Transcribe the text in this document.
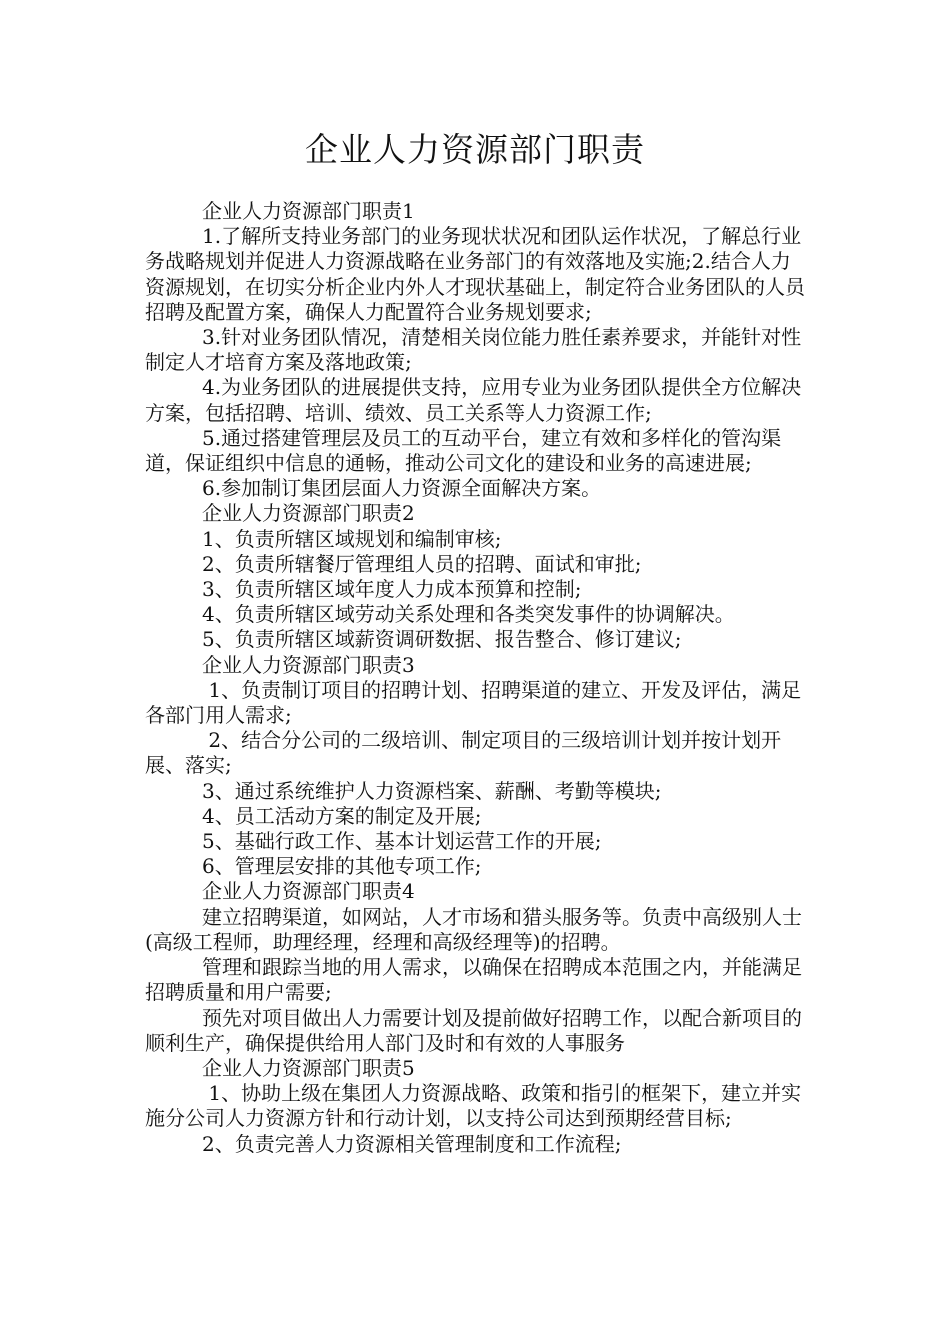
企业人力资源部门职责

企业人力资源部门职责1

1.了解所支持业务部门的业务现状状况和团队运作状况，了解总行业务战略规划并促进人力资源战略在业务部门的有效落地及实施;2.结合人力资源规划，在切实分析企业内外人才现状基础上，制定符合业务团队的人员招聘及配置方案，确保人力配置符合业务规划要求;

3.针对业务团队情况，清楚相关岗位能力胜任素养要求，并能针对性制定人才培育方案及落地政策;

4.为业务团队的进展提供支持，应用专业为业务团队提供全方位解决方案，包括招聘、培训、绩效、员工关系等人力资源工作;

5.通过搭建管理层及员工的互动平台，建立有效和多样化的管沟渠道，保证组织中信息的通畅，推动公司文化的建设和业务的高速进展;

6.参加制订集团层面人力资源全面解决方案。

企业人力资源部门职责2

1、负责所辖区域规划和编制审核;

2、负责所辖餐厅管理组人员的招聘、面试和审批;

3、负责所辖区域年度人力成本预算和控制;

4、负责所辖区域劳动关系处理和各类突发事件的协调解决。

5、负责所辖区域薪资调研数据、报告整合、修订建议;

企业人力资源部门职责3

1、负责制订项目的招聘计划、招聘渠道的建立、开发及评估，满足各部门用人需求;

2、结合分公司的二级培训、制定项目的三级培训计划并按计划开展、落实;

3、通过系统维护人力资源档案、薪酬、考勤等模块;

4、员工活动方案的制定及开展;

5、基础行政工作、基本计划运营工作的开展;

6、管理层安排的其他专项工作;

企业人力资源部门职责4

建立招聘渠道，如网站，人才市场和猎头服务等。负责中高级别人士(高级工程师，助理经理，经理和高级经理等)的招聘。

管理和跟踪当地的用人需求，以确保在招聘成本范围之内，并能满足招聘质量和用户需要;

预先对项目做出人力需要计划及提前做好招聘工作，以配合新项目的顺利生产，确保提供给用人部门及时和有效的人事服务

企业人力资源部门职责5

1、协助上级在集团人力资源战略、政策和指引的框架下，建立并实施分公司人力资源方针和行动计划，以支持公司达到预期经营目标;

2、负责完善人力资源相关管理制度和工作流程;
